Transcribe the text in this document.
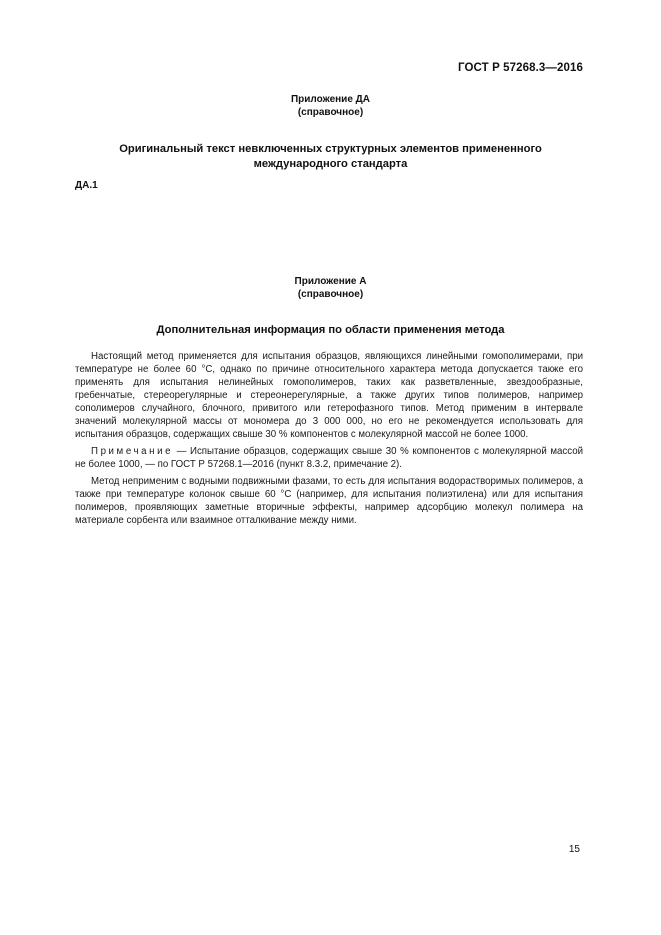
ГОСТ Р 57268.3—2016
Приложение ДА
(справочное)
Оригинальный текст невключенных структурных элементов примененного
международного стандарта
ДА.1
Приложение А
(справочное)
Дополнительная информация по области применения метода

Настоящий метод применяется для испытания образцов, являющихся линейными гомополимерами, при температуре не более 60 °С, однако по причине относительного характера метода допускается также его применять для испытания нелинейных гомополимеров, таких как разветвленные, звездообразные, гребенчатые, стереорегулярные и стереонерегулярные, а также других типов полимеров, например сополимеров случайного, блочного, привитого или гетерофазного типов. Метод применим в интервале значений молекулярной массы от мономера до 3 000 000, но его не рекомендуется использовать для испытания образцов, содержащих свыше 30 % компонентов с молекулярной массой не более 1000.

Примечание — Испытание образцов, содержащих свыше 30 % компонентов с молекулярной массой не более 1000, — по ГОСТ Р 57268.1—2016 (пункт 8.3.2, примечание 2).

Метод неприменим с водными подвижными фазами, то есть для испытания водорастворимых полимеров, а также при температуре колонок свыше 60 °С (например, для испытания полиэтилена) или для испытания полимеров, проявляющих заметные вторичные эффекты, например адсорбцию молекул полимера на материале сорбента или взаимное отталкивание между ними.

15
